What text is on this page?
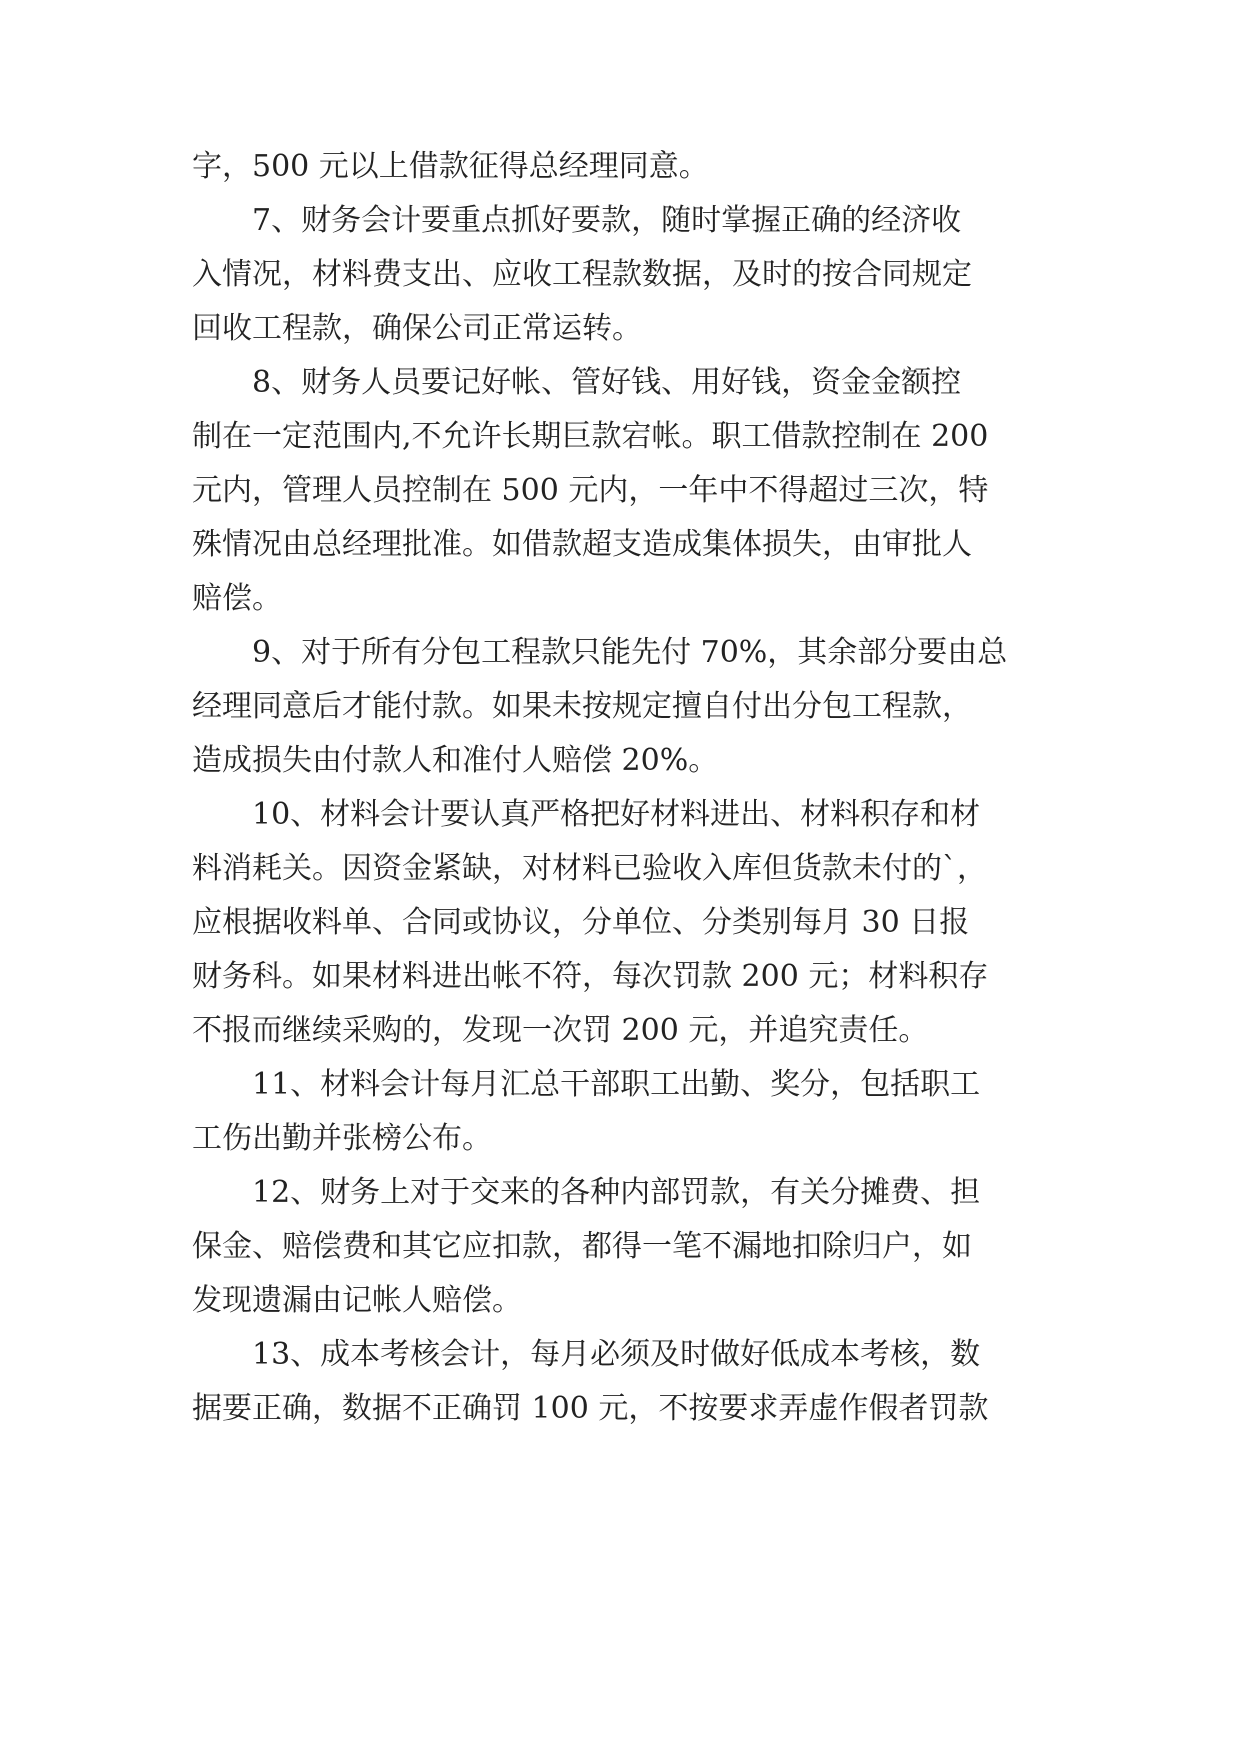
字，500 元以上借款征得总经理同意。

7、财务会计要重点抓好要款，随时掌握正确的经济收

入情况，材料费支出、应收工程款数据，及时的按合同规定

回收工程款，确保公司正常运转。

8、财务人员要记好帐、管好钱、用好钱，资金金额控

制在一定范围内,不允许长期巨款宕帐。职工借款控制在 200

元内，管理人员控制在 500 元内，一年中不得超过三次，特

殊情况由总经理批准。如借款超支造成集体损失，由审批人

赔偿。

9、对于所有分包工程款只能先付 70%，其余部分要由总

经理同意后才能付款。如果未按规定擅自付出分包工程款，

造成损失由付款人和准付人赔偿 20%。

10、材料会计要认真严格把好材料进出、材料积存和材

料消耗关。因资金紧缺，对材料已验收入库但货款未付的`，

应根据收料单、合同或协议，分单位、分类别每月 30 日报

财务科。如果材料进出帐不符，每次罚款 200 元；材料积存

不报而继续采购的，发现一次罚 200 元，并追究责任。

11、材料会计每月汇总干部职工出勤、奖分，包括职工

工伤出勤并张榜公布。

12、财务上对于交来的各种内部罚款，有关分摊费、担

保金、赔偿费和其它应扣款，都得一笔不漏地扣除归户，如

发现遗漏由记帐人赔偿。

13、成本考核会计，每月必须及时做好低成本考核，数

据要正确，数据不正确罚 100 元，不按要求弄虚作假者罚款
